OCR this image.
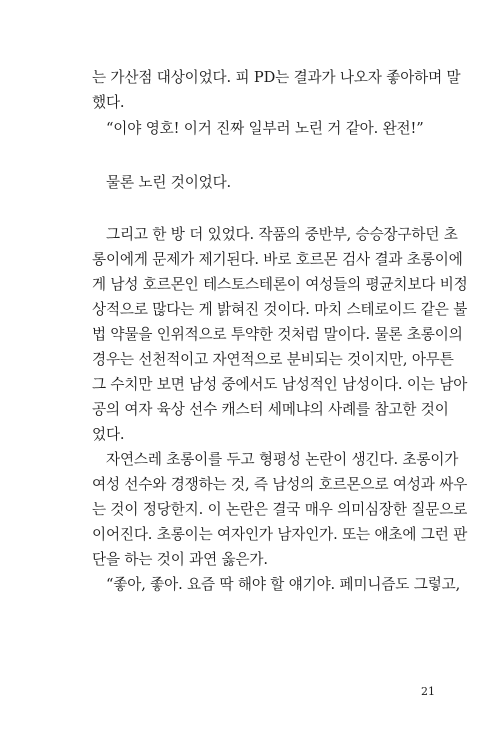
는 가산점 대상이었다. 피 PD는 결과가 나오자 좋아하며 말
했다.
“이야 영호! 이거 진짜 일부러 노린 거 같아. 완전!”
물론 노린 것이었다.
그리고 한 방 더 있었다. 작품의 중반부, 승승장구하던 초
롱이에게 문제가 제기된다. 바로 호르몬 검사 결과 초롱이에
게 남성 호르몬인 테스토스테론이 여성들의 평균치보다 비정
상적으로 많다는 게 밝혀진 것이다. 마치 스테로이드 같은 불
법 약물을 인위적으로 투약한 것처럼 말이다. 물론 초롱이의
경우는 선천적이고 자연적으로 분비되는 것이지만, 아무튼
그 수치만 보면 남성 중에서도 남성적인 남성이다. 이는 남아
공의 여자 육상 선수 캐스터 세메냐의 사례를 참고한 것이
었다.
자연스레 초롱이를 두고 형평성 논란이 생긴다. 초롱이가
여성 선수와 경쟁하는 것, 즉 남성의 호르몬으로 여성과 싸우
는 것이 정당한지. 이 논란은 결국 매우 의미심장한 질문으로
이어진다. 초롱이는 여자인가 남자인가. 또는 애초에 그런 판
단을 하는 것이 과연 옳은가.
“좋아, 좋아. 요즘 딱 해야 할 얘기야. 페미니즘도 그렇고,
21
